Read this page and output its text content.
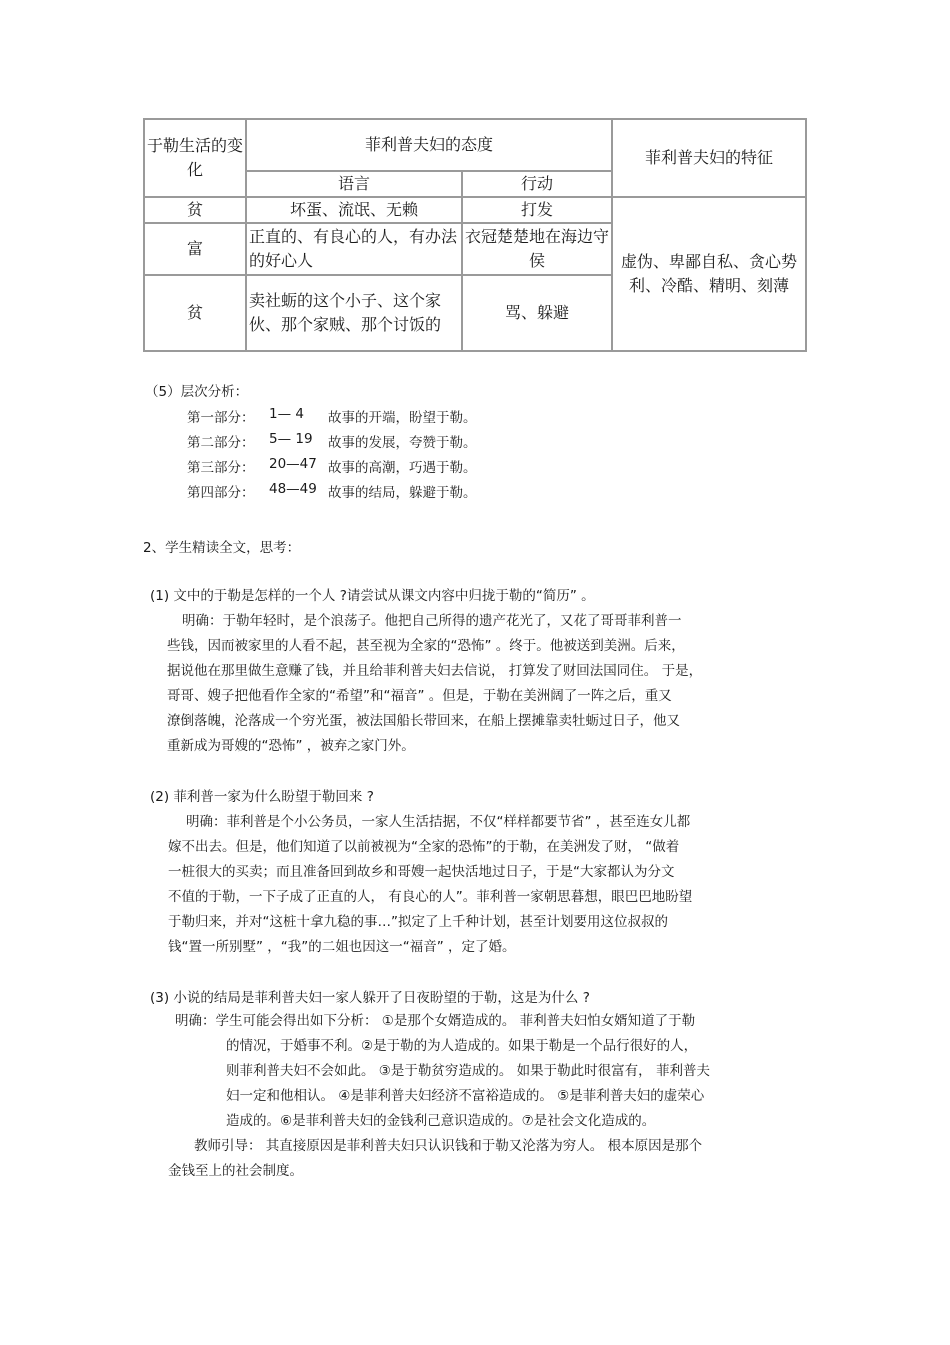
于勒生活的变化	菲利普夫妇的态度		菲利普夫妇的特征
	语言	行动	
贫	坏蛋、流氓、无赖	打发	虚伪、卑鄙自私、贪心势利、冷酷、精明、刻薄
富	正直的、有良心的人，有办法的好心人	衣冠楚楚地在海边守侯	
贫	卖社蛎的这个小子、这个家伙、那个家贼、那个讨饭的	骂、躲避	
（5）层次分析：
第一部分： 1— 4 故事的开端，盼望于勒。
第二部分： 5— 19 故事的发展，夸赞于勒。
第三部分： 20—47 故事的高潮，巧遇于勒。
第四部分： 48—49 故事的结局，躲避于勒。
2、学生精读全文，思考：
(1) 文中的于勒是怎样的一个人 ?请尝试从课文内容中归拢于勒的“简历” 。
明确：于勒年轻时，是个浪荡子。他把自己所得的遗产花光了，又花了哥哥菲利普一
些钱，因而被家里的人看不起，甚至视为全家的“恐怖” 。终于。他被送到美洲。后来，
据说他在那里做生意赚了钱，并且给菲利普夫妇去信说， 打算发了财回法国同住。 于是，
哥哥、嫂子把他看作全家的“希望”和“福音” 。但是，于勒在美洲阔了一阵之后，重又
潦倒落魄，沦落成一个穷光蛋，被法国船长带回来，在船上摆摊靠卖牡蛎过日子，他又
重新成为哥嫂的“恐怖” ，被弃之家门外。
(2) 菲利普一家为什么盼望于勒回来 ?
明确：菲利普是个小公务员，一家人生活拮据，不仅“样样都要节省” ，甚至连女儿都
嫁不出去。但是，他们知道了以前被视为“全家的恐怖”的于勒，在美洲发了财， “做着
一桩很大的买卖；而且准备回到故乡和哥嫂一起快活地过日子，于是“大家都认为分文
不值的于勒，一下子成了正直的人， 有良心的人”。菲利普一家朝思暮想，眼巴巴地盼望
于勒归来，并对“这桩十拿九稳的事…”拟定了上千种计划，甚至计划要用这位叔叔的
钱“置一所别墅” ，“我”的二姐也因这一“福音” ，定了婚。
(3) 小说的结局是菲利普夫妇一家人躲开了日夜盼望的于勒，这是为什么 ?
明确：学生可能会得出如下分析： ①是那个女婿造成的。 菲利普夫妇怕女婿知道了于勒
的情况，于婚事不利。②是于勒的为人造成的。如果于勒是一个品行很好的人，
则菲利普夫妇不会如此。 ③是于勒贫穷造成的。 如果于勒此时很富有， 菲利普夫
妇一定和他相认。 ④是菲利普夫妇经济不富裕造成的。 ⑤是菲利普夫妇的虚荣心
造成的。⑥是菲利普夫妇的金钱利己意识造成的。⑦是社会文化造成的。
教师引导： 其直接原因是菲利普夫妇只认识钱和于勒又沦落为穷人。 根本原因是那个
金钱至上的社会制度。
